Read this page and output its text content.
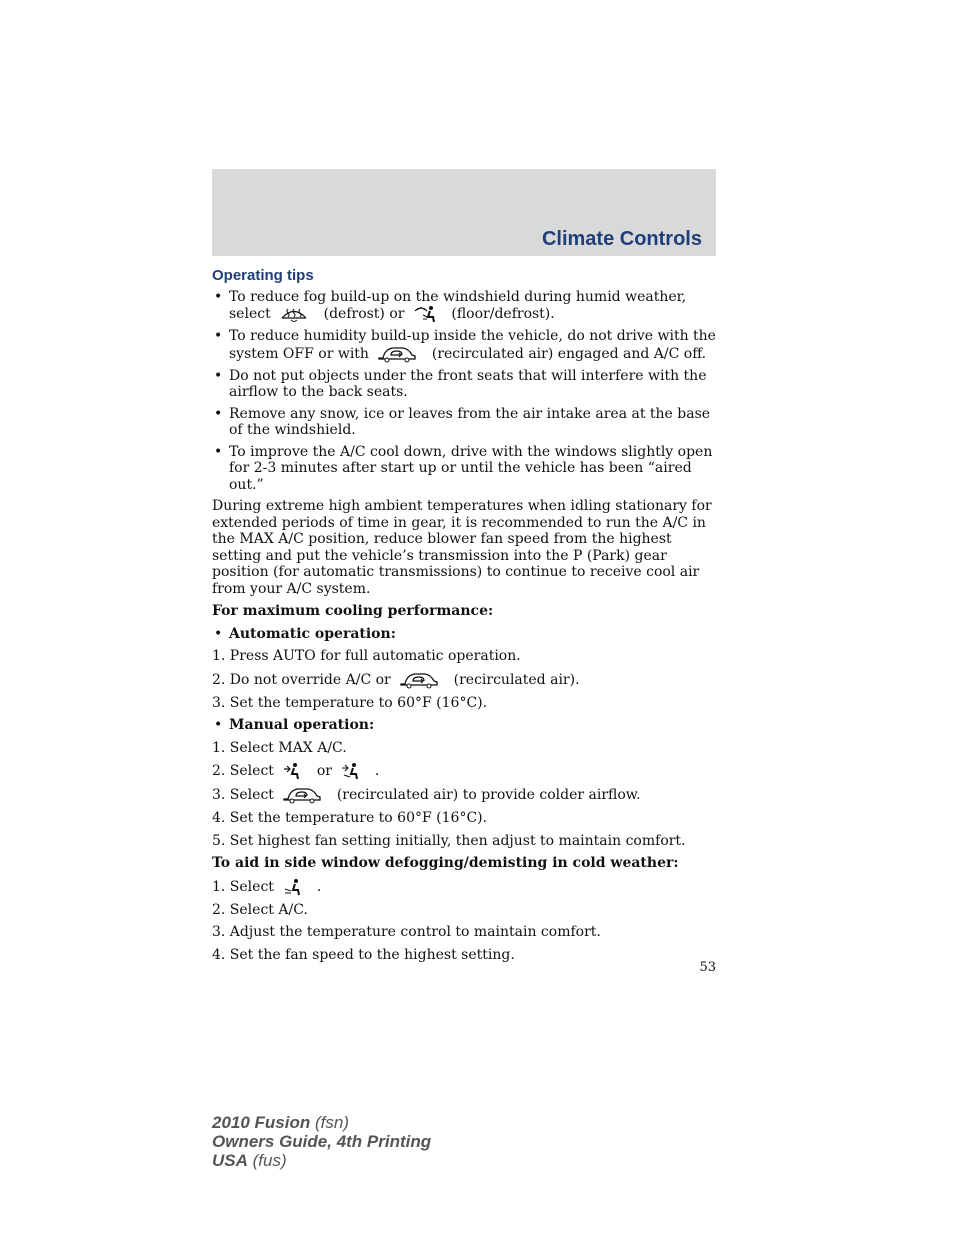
Climate Controls
Operating tips
• To reduce fog build-up on the windshield during humid weather, select	(defrost) or	(floor/defrost).
• To reduce humidity build-up inside the vehicle, do not drive with the system OFF or with	(recirculated air) engaged and A/C off.
• Do not put objects under the front seats that will interfere with the airflow to the back seats.
• Remove any snow, ice or leaves from the air intake area at the base of the windshield.
• To improve the A/C cool down, drive with the windows slightly open for 2-3 minutes after start up or until the vehicle has been “aired out.”

During extreme high ambient temperatures when idling stationary for extended periods of time in gear, it is recommended to run the A/C in the MAX A/C position, reduce blower fan speed from the highest setting and put the vehicle’s transmission into the P (Park) gear position (for automatic transmissions) to continue to receive cool air from your A/C system.

For maximum cooling performance:

• Automatic operation:
1. Press AUTO for full automatic operation.
2. Do not override A/C or	(recirculated air).
3. Set the temperature to 60°F (16°C).
• Manual operation:
1. Select MAX A/C.
2. Select	or	.
3. Select	(recirculated air) to provide colder airflow.
4. Set the temperature to 60°F (16°C).
5. Set highest fan setting initially, then adjust to maintain comfort.

To aid in side window defogging/demisting in cold weather:

1. Select	.
2. Select A/C.
3. Adjust the temperature control to maintain comfort.
4. Set the fan speed to the highest setting.
53
2010 Fusion (fsn)
Owners Guide, 4th Printing
USA (fus)
